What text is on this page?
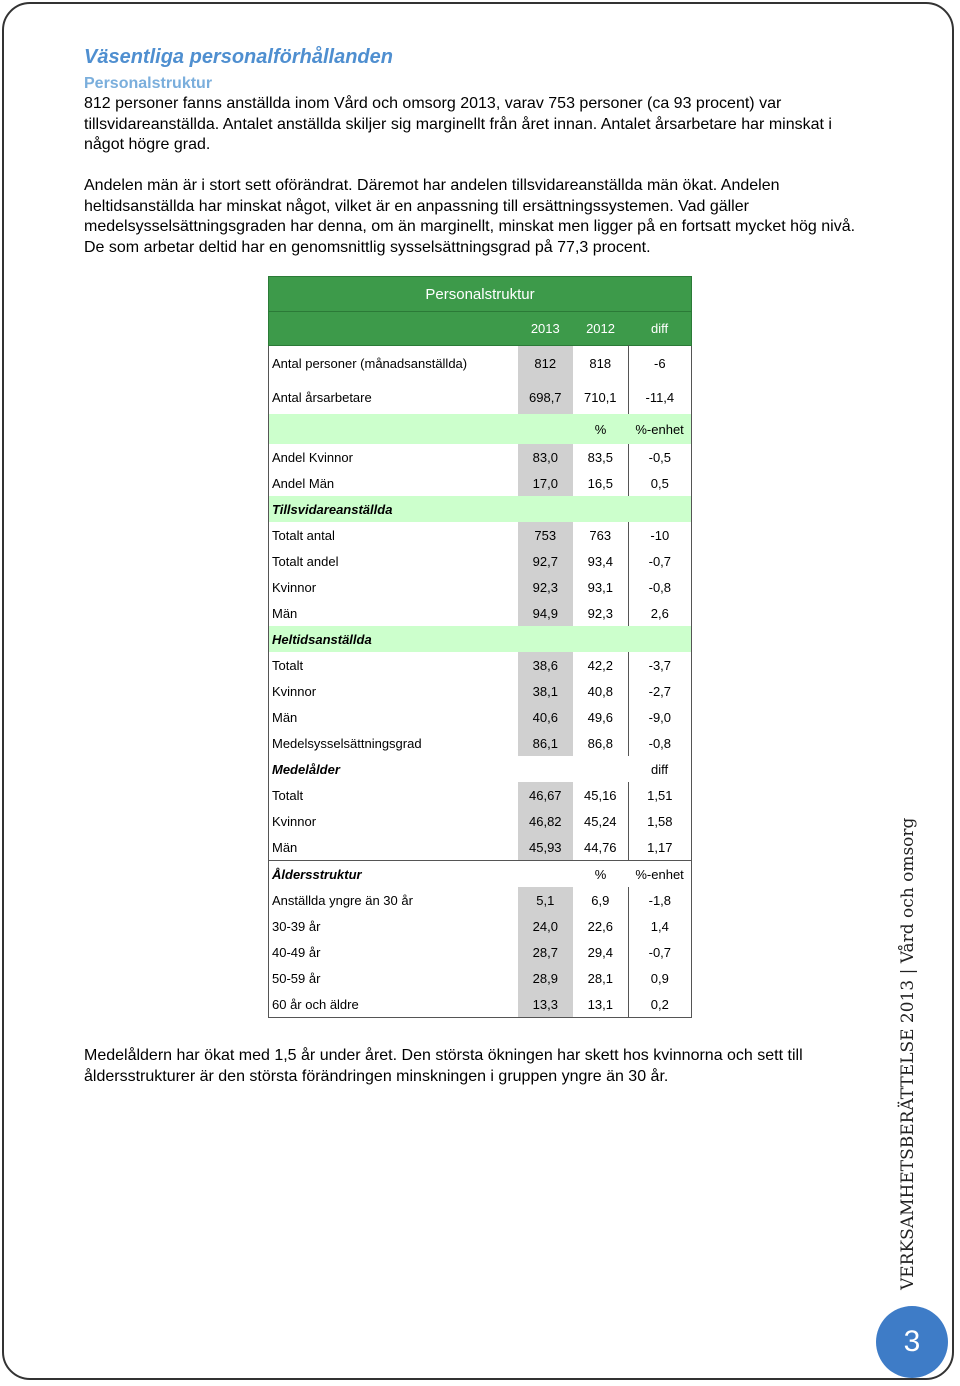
Väsentliga personalförhållanden
Personalstruktur

812 personer fanns anställda inom Vård och omsorg 2013, varav 753 personer (ca 93 procent) var tillsvidareanställda. Antalet anställda skiljer sig marginellt från året innan. Antalet årsarbetare har minskat i något högre grad.

Andelen män är i stort sett oförändrat. Däremot har andelen tillsvidareanställda män ökat. Andelen heltidsanställda har minskat något, vilket är en anpassning till ersättningssystemen. Vad gäller medelsysselsättningsgraden har denna, om än marginellt, minskat men ligger på en fortsatt mycket hög nivå. De som arbetar deltid har en genomsnittlig sysselsättningsgrad på 77,3 procent.

Personalstruktur			
	2013	2012	diff
Antal personer (månadsanställda)	812	818	-6
Antal årsarbetare	698,7	710,1	-11,4
		%	%-enhet
Andel Kvinnor	83,0	83,5	-0,5
Andel Män	17,0	16,5	0,5
Tillsvidareanställda			
Totalt antal	753	763	-10
Totalt andel	92,7	93,4	-0,7
Kvinnor	92,3	93,1	-0,8
Män	94,9	92,3	2,6
Heltidsanställda			
Totalt	38,6	42,2	-3,7
Kvinnor	38,1	40,8	-2,7
Män	40,6	49,6	-9,0
Medelsysselsättningsgrad	86,1	86,8	-0,8
Medelålder			diff
Totalt	46,67	45,16	1,51
Kvinnor	46,82	45,24	1,58
Män	45,93	44,76	1,17
Åldersstruktur		%	%-enhet
Anställda yngre än 30 år	5,1	6,9	-1,8
30-39 år	24,0	22,6	1,4
40-49 år	28,7	29,4	-0,7
50-59 år	28,9	28,1	0,9
60 år och äldre	13,3	13,1	0,2

Medelåldern har ökat med 1,5 år under året. Den största ökningen har skett hos kvinnorna och sett till åldersstrukturer är den största förändringen minskningen i gruppen yngre än 30 år.	VERKSAMHETSBERÄTTELSE 2013 | Vård och omsorg
3
